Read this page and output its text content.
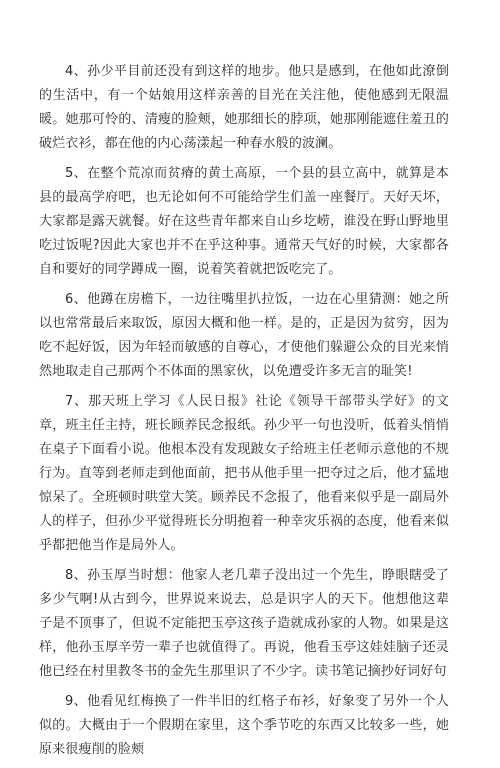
4、孙少平目前还没有到这样的地步。他只是感到，在他如此潦倒的生活中，有一个姑娘用这样亲善的目光在关注他，使他感到无限温暖。她那可怜的、清瘦的脸颊，她那细长的脖项，她那刚能遮住羞丑的破烂衣衫，都在他的内心荡漾起一种春水般的波澜。

5、在整个荒凉而贫瘠的黄土高原，一个县的县立高中，就算是本县的最高学府吧，也无论如何不可能给学生们盖一座餐厅。天好天坏，大家都是露天就餐。好在这些青年都来自山乡圪崂，谁没在野山野地里吃过饭呢?因此大家也并不在乎这种事。通常天气好的时候，大家都各自和要好的同学蹲成一圈，说着笑着就把饭吃完了。

6、他蹲在房檐下，一边往嘴里扒拉饭，一边在心里猜测：她之所以也常常最后来取饭，原因大概和他一样。是的，正是因为贫穷，因为吃不起好饭，因为年轻而敏感的自尊心，才使他们躲避公众的目光来悄然地取走自己那两个不体面的黑家伙，以免遭受许多无言的耻笑!

7、那天班上学习《人民日报》社论《领导干部带头学好》的文章，班主任主持，班长顾养民念报纸。孙少平一句也没听，低着头悄悄在桌子下面看小说。他根本没有发现跛女子给班主任老师示意他的不规行为。直等到老师走到他面前，把书从他手里一把夺过之后，他才猛地惊呆了。全班顿时哄堂大笑。顾养民不念报了，他看来似乎是一副局外人的样子，但孙少平觉得班长分明抱着一种幸灾乐祸的态度，他看来似乎都把他当作是局外人。

8、孙玉厚当时想：他家人老几辈子没出过一个先生，睁眼瞎受了多少气啊!从古到今，世界说来说去，总是识字人的天下。他想他这辈子是不顶事了，但说不定能把玉亭这孩子造就成孙家的人物。如果是这样，他孙玉厚辛劳一辈子也就值得了。再说，他看玉亭这娃娃脑子还灵 他已经在村里教冬书的金先生那里识了不少字。读书笔记摘抄好词好句

9、他看见红梅换了一件半旧的红格子布衫，好象变了另外一个人似的。大概由于一个假期在家里，这个季节吃的东西又比较多一些，她原来很瘦削的脸颊
